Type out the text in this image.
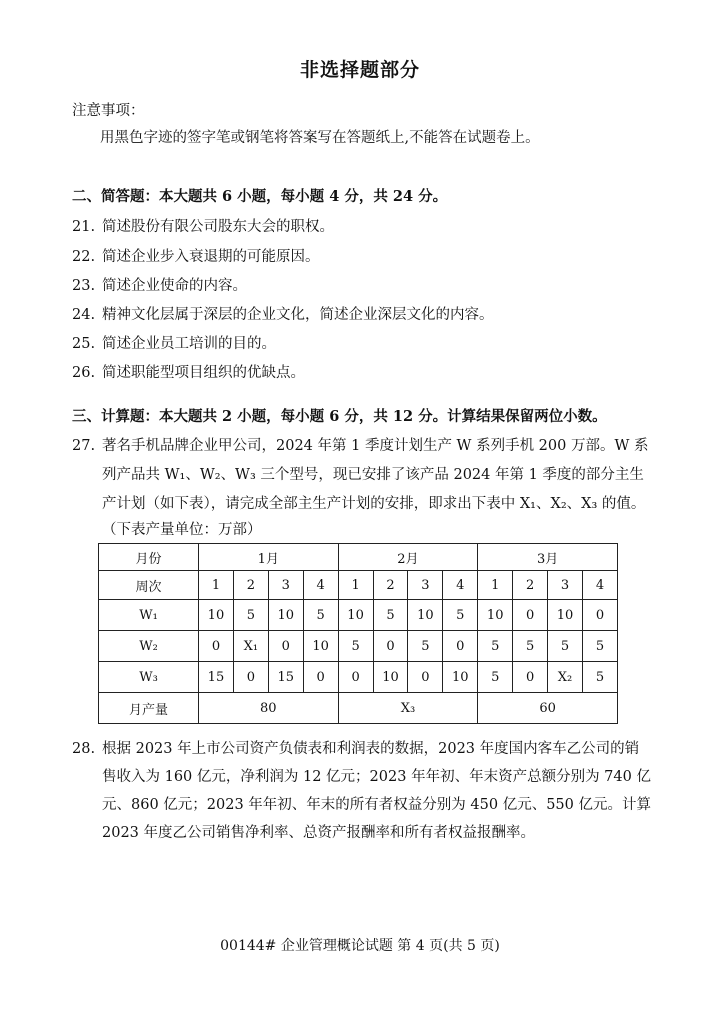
非选择题部分
注意事项：
用黑色字迹的签字笔或钢笔将答案写在答题纸上,不能答在试题卷上。
二、简答题：本大题共 6 小题，每小题 4 分，共 24 分。
21. 简述股份有限公司股东大会的职权。
22. 简述企业步入衰退期的可能原因。
23. 简述企业使命的内容。
24. 精神文化层属于深层的企业文化，简述企业深层文化的内容。
25. 简述企业员工培训的目的。
26. 简述职能型项目组织的优缺点。
三、计算题：本大题共 2 小题，每小题 6 分，共 12 分。计算结果保留两位小数。
27. 著名手机品牌企业甲公司，2024 年第 1 季度计划生产 W 系列手机 200 万部。W 系
列产品共 W₁、W₂、W₃ 三个型号，现已安排了该产品 2024 年第 1 季度的部分主生
产计划（如下表），请完成全部主生产计划的安排，即求出下表中 X₁、X₂、X₃ 的值。
（下表产量单位：万部）
月份	1月				2月				3月			
周次	1	2	3	4	1	2	3	4	1	2	3	4
W₁	10	5	10	5	10	5	10	5	10	0	10	0
W₂	0	X₁	0	10	5	0	5	0	5	5	5	5
W₃	15	0	15	0	0	10	0	10	5	0	X₂	5
月产量	80				X₃				60			
28. 根据 2023 年上市公司资产负债表和利润表的数据，2023 年度国内客车乙公司的销
售收入为 160 亿元，净利润为 12 亿元；2023 年年初、年末资产总额分别为 740 亿
元、860 亿元；2023 年年初、年末的所有者权益分别为 450 亿元、550 亿元。计算
2023 年度乙公司销售净利率、总资产报酬率和所有者权益报酬率。
00144# 企业管理概论试题 第 4 页(共 5 页)
